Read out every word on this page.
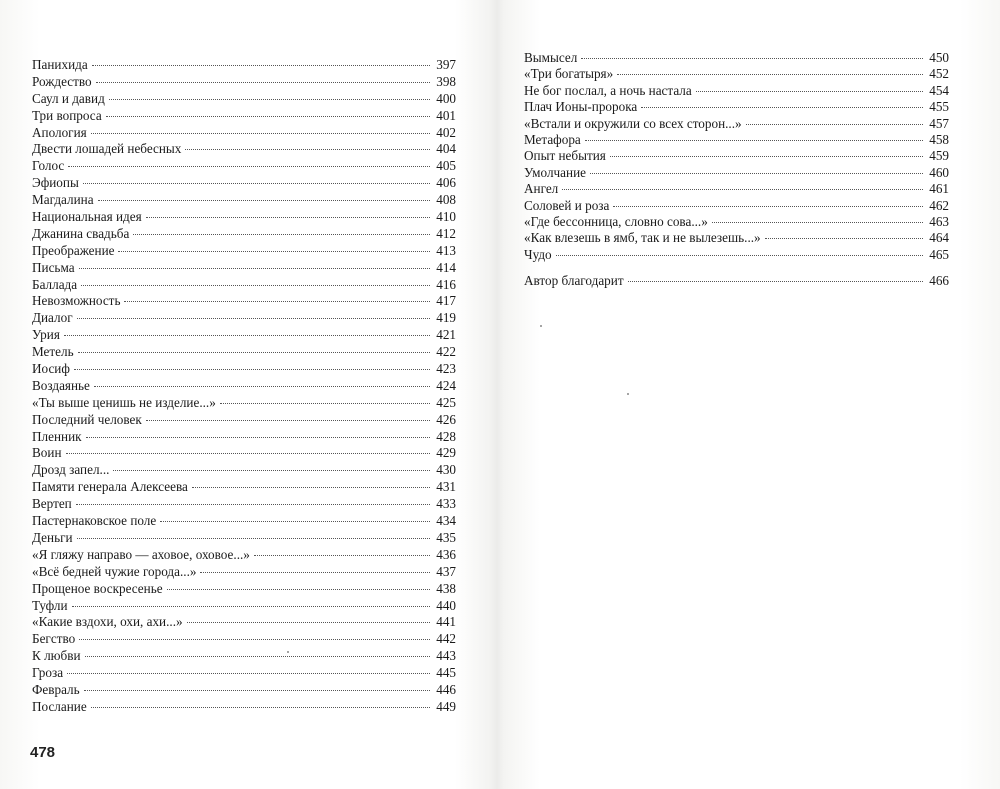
Панихида	397
Рождество	398
Саул и давид	400
Три вопроса	401
Апология	402
Двести лошадей небесных	404
Голос	405
Эфиопы	406
Магдалина	408
Национальная идея	410
Джанина свадьба	412
Преображение	413
Письма	414
Баллада	416
Невозможность	417
Диалог	419
Урия	421
Метель	422
Иосиф	423
Воздаянье	424
«Ты выше ценишь не изделие...»	425
Последний человек	426
Пленник	428
Воин	429
Дрозд запел...	430
Памяти генерала Алексеева	431
Вертеп	433
Пастернаковское поле	434
Деньги	435
«Я гляжу направо — аховое, оховое...»	436
«Всё бедней чужие города...»	437
Прощеное воскресенье	438
Туфли	440
«Какие вздохи, охи, ахи...»	441
Бегство	442
К любви	443
Гроза	445
Февраль	446
Послание	449
Вымысел	450
«Три богатыря»	452
Не бог послал, а ночь настала	454
Плач Ионы-пророка	455
«Встали и окружили со всех сторон...»	457
Метафора	458
Опыт небытия	459
Умолчание	460
Ангел	461
Соловей и роза	462
«Где бессонница, словно сова...»	463
«Как влезешь в ямб, так и не вылезешь...»	464
Чудо	465
Автор благодарит	466
478
